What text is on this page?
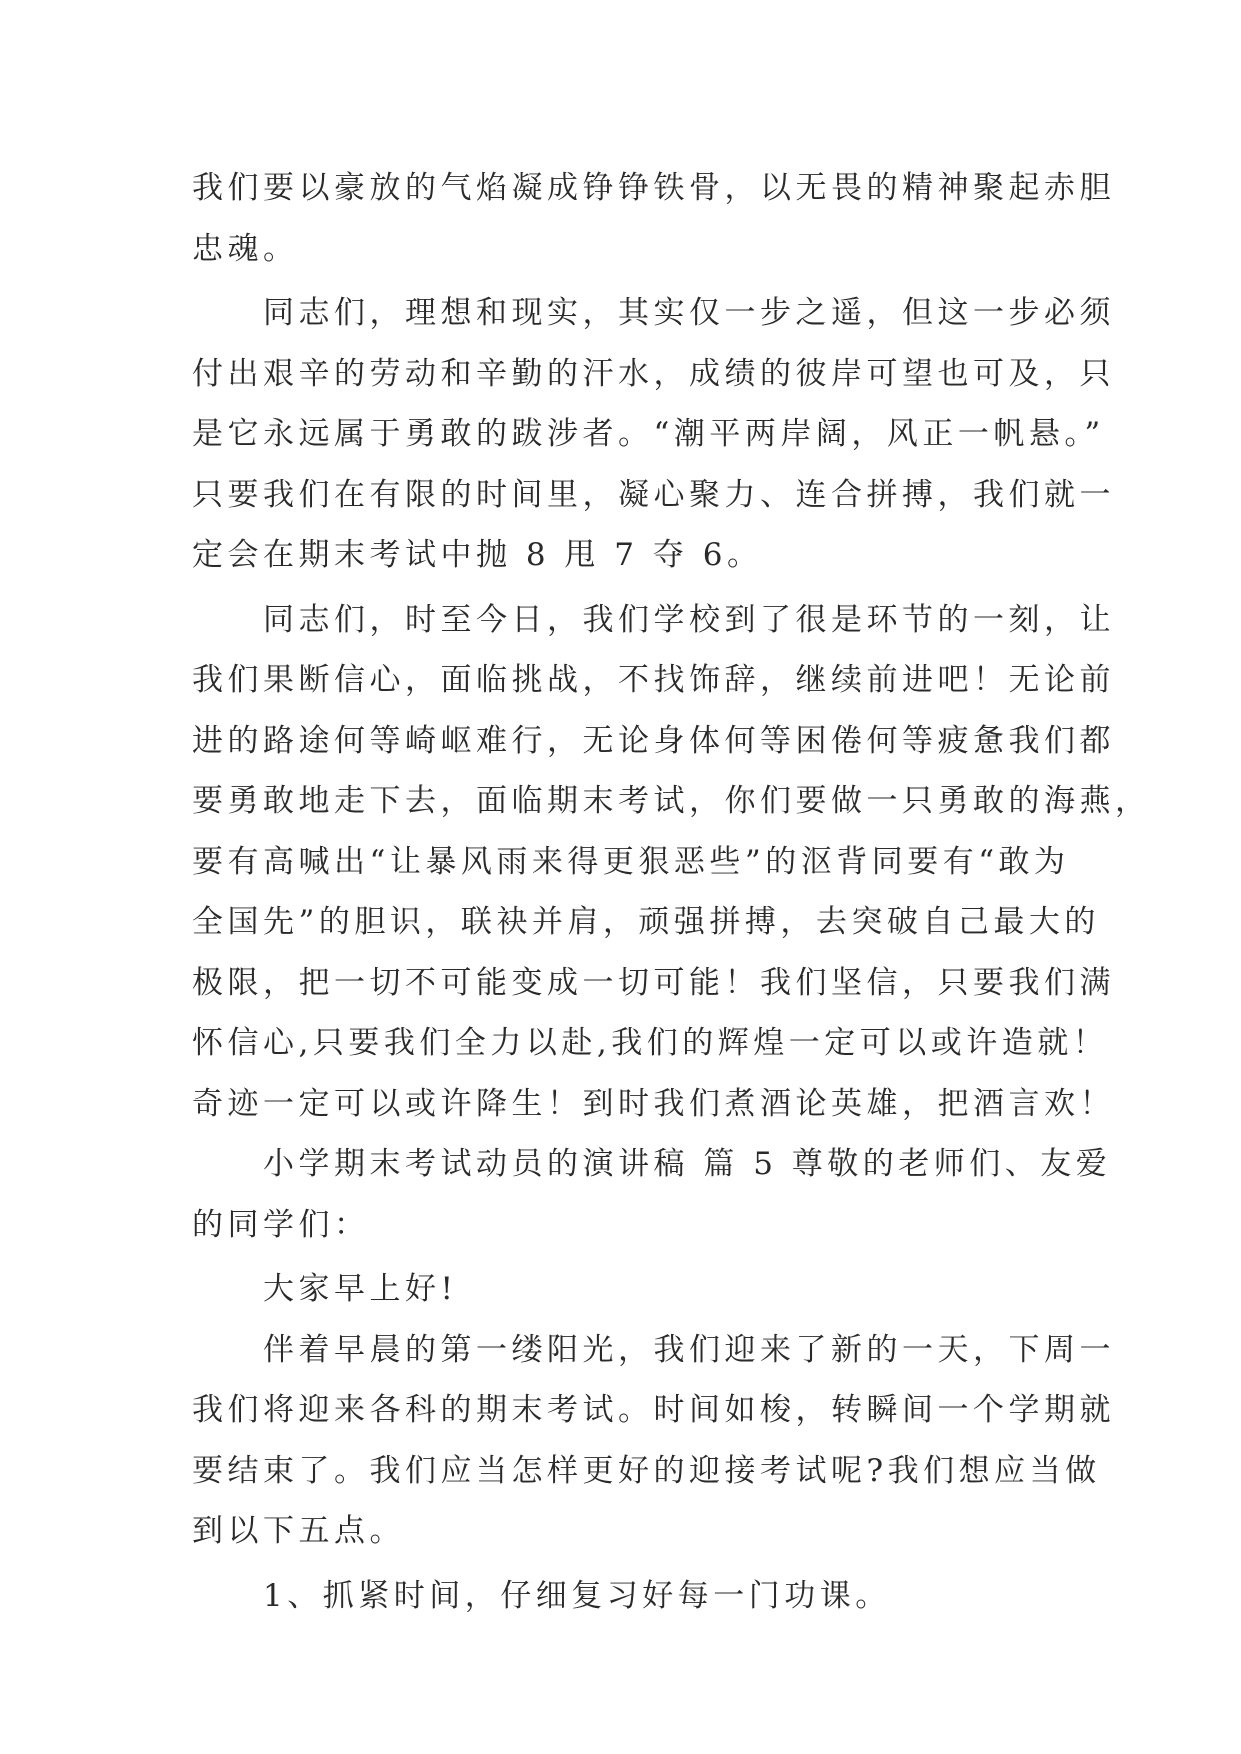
我们要以豪放的气焰凝成铮铮铁骨，以无畏的精神聚起赤胆
忠魂。
　　同志们，理想和现实，其实仅一步之遥，但这一步必须
付出艰辛的劳动和辛勤的汗水，成绩的彼岸可望也可及，只
是它永远属于勇敢的跋涉者。“潮平两岸阔，风正一帆悬。”
只要我们在有限的时间里，凝心聚力、连合拼搏，我们就一
定会在期末考试中抛 8 甩 7 夺 6。
　　同志们，时至今日，我们学校到了很是环节的一刻，让
我们果断信心，面临挑战，不找饰辞，继续前进吧！无论前
进的路途何等崎岖难行，无论身体何等困倦何等疲惫我们都
要勇敢地走下去，面临期末考试，你们要做一只勇敢的海燕，
要有高喊出“让暴风雨来得更狠恶些”的沤背同要有“敢为
全国先”的胆识，联袂并肩，顽强拼搏，去突破自己最大的
极限，把一切不可能变成一切可能！我们坚信，只要我们满
怀信心,只要我们全力以赴,我们的辉煌一定可以或许造就！
奇迹一定可以或许降生！到时我们煮酒论英雄，把酒言欢！
　　小学期末考试动员的演讲稿 篇 5 尊敬的老师们、友爱
的同学们：
　　大家早上好!
　　伴着早晨的第一缕阳光，我们迎来了新的一天，下周一
我们将迎来各科的期末考试。时间如梭，转瞬间一个学期就
要结束了。我们应当怎样更好的迎接考试呢?我们想应当做
到以下五点。
　　1、抓紧时间，仔细复习好每一门功课。
